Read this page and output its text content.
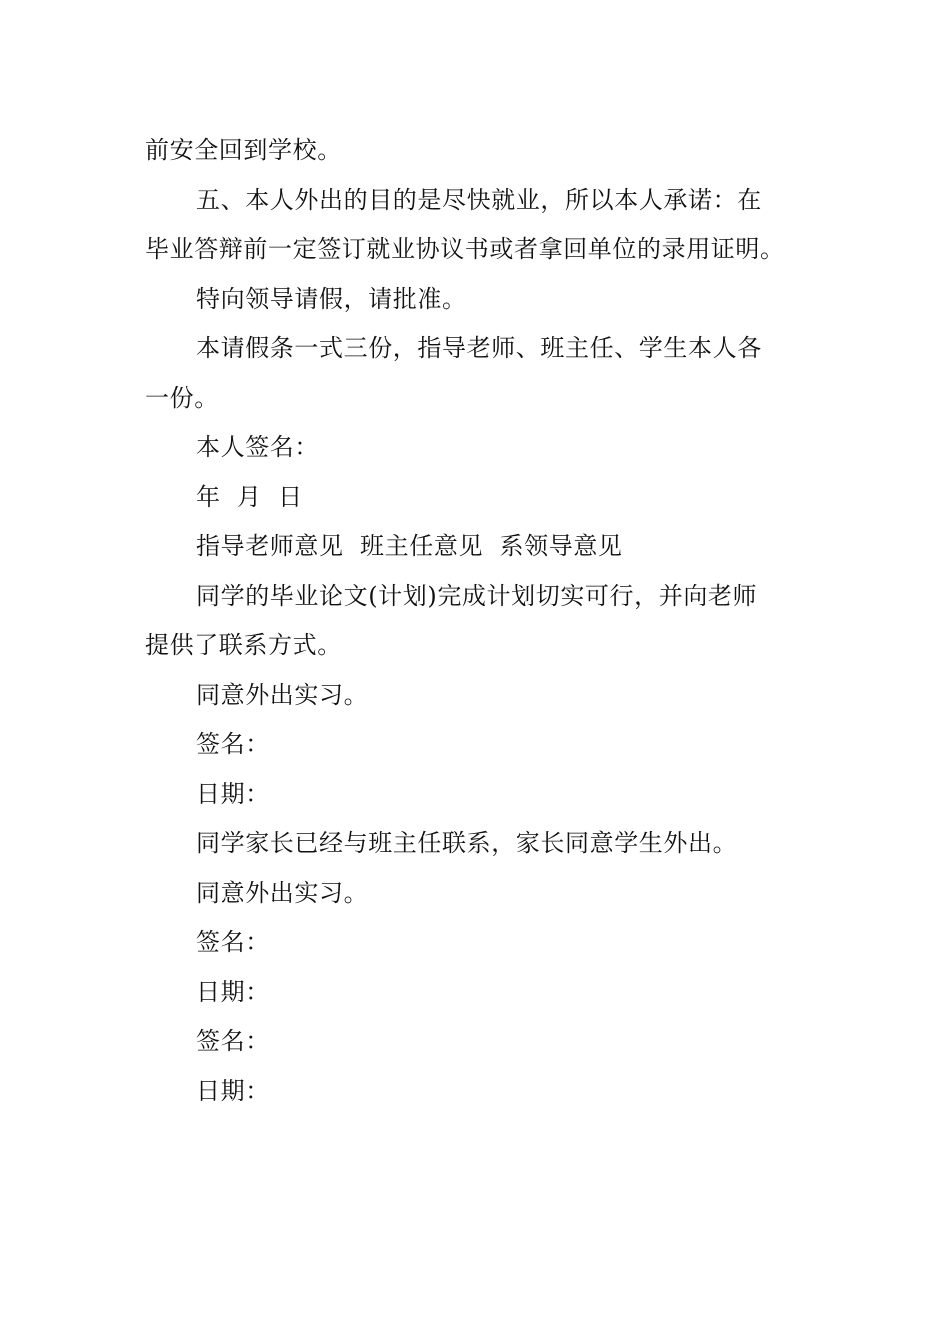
前安全回到学校。

五、本人外出的目的是尽快就业，所以本人承诺：在

毕业答辩前一定签订就业协议书或者拿回单位的录用证明。

特向领导请假，请批准。

本请假条一式三份，指导老师、班主任、学生本人各

一份。

本人签名：

年  月  日

指导老师意见  班主任意见  系领导意见

同学的毕业论文(计划)完成计划切实可行，并向老师

提供了联系方式。

同意外出实习。

签名：

日期：

同学家长已经与班主任联系，家长同意学生外出。

同意外出实习。

签名：

日期：

签名：

日期：
